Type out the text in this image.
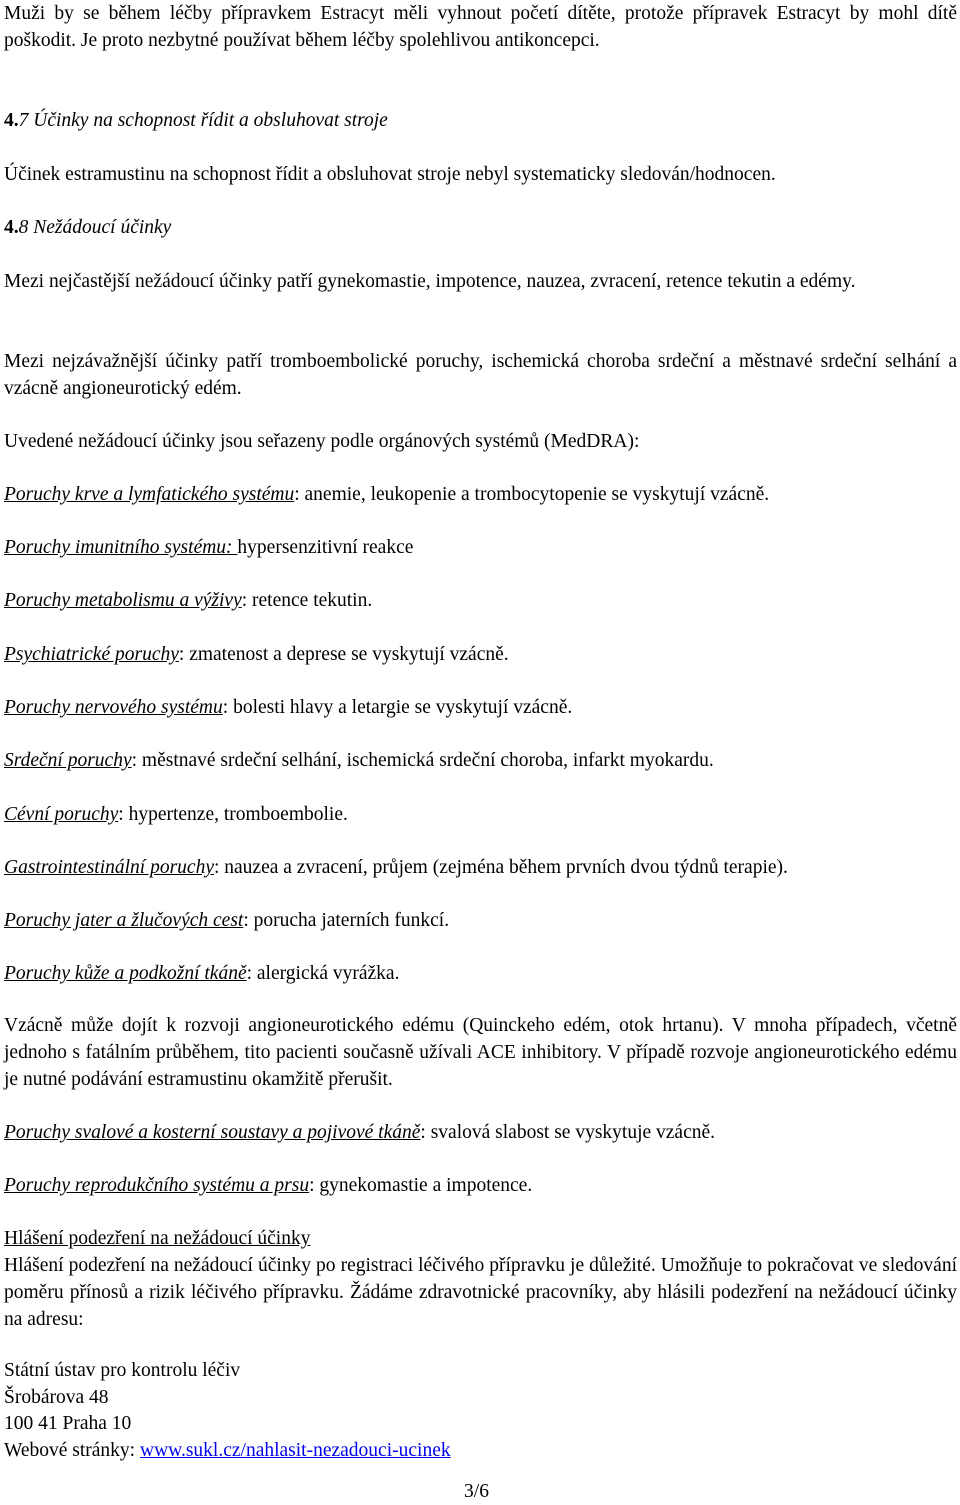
Muži by se během léčby přípravkem Estracyt měli vyhnout početí dítěte, protože přípravek Estracyt by mohl dítě poškodit. Je proto nezbytné používat během léčby spolehlivou antikoncepci.

4.7 Účinky na schopnost řídit a obsluhovat stroje

Účinek estramustinu na schopnost řídit a obsluhovat stroje nebyl systematicky sledován/hodnocen.

4.8 Nežádoucí účinky

Mezi nejčastější nežádoucí účinky patří gynekomastie, impotence, nauzea, zvracení, retence tekutin a edémy.

Mezi nejzávažnější účinky patří tromboembolické poruchy, ischemická choroba srdeční a městnavé srdeční selhání a vzácně angioneurotický edém.

Uvedené nežádoucí účinky jsou seřazeny podle orgánových systémů (MedDRA):

Poruchy krve a lymfatického systému: anemie, leukopenie a trombocytopenie se vyskytují vzácně.

Poruchy imunitního systému: hypersenzitivní reakce

Poruchy metabolismu a výživy: retence tekutin.

Psychiatrické poruchy: zmatenost a deprese se vyskytují vzácně.

Poruchy nervového systému: bolesti hlavy a letargie se vyskytují vzácně.

Srdeční poruchy: městnavé srdeční selhání, ischemická srdeční choroba, infarkt myokardu.

Cévní poruchy: hypertenze, tromboembolie.

Gastrointestinální poruchy: nauzea a zvracení, průjem (zejména během prvních dvou týdnů terapie).

Poruchy jater a žlučových cest: porucha jaterních funkcí.

Poruchy kůže a podkožní tkáně: alergická vyrážka.

Vzácně může dojít k rozvoji angioneurotického edému (Quinckeho edém, otok hrtanu). V mnoha případech, včetně jednoho s fatálním průběhem, tito pacienti současně užívali ACE inhibitory. V případě rozvoje angioneurotického edému je nutné podávání estramustinu okamžitě přerušit.

Poruchy svalové a kosterní soustavy a pojivové tkáně: svalová slabost se vyskytuje vzácně.

Poruchy reprodukčního systému a prsu: gynekomastie a impotence.

Hlášení podezření na nežádoucí účinky

Hlášení podezření na nežádoucí účinky po registraci léčivého přípravku je důležité. Umožňuje to pokračovat ve sledování poměru přínosů a rizik léčivého přípravku. Žádáme zdravotnické pracovníky, aby hlásili podezření na nežádoucí účinky na adresu:

Státní ústav pro kontrolu léčiv

Šrobárova 48

100 41 Praha 10

Webové stránky: www.sukl.cz/nahlasit-nezadouci-ucinek

3/6
